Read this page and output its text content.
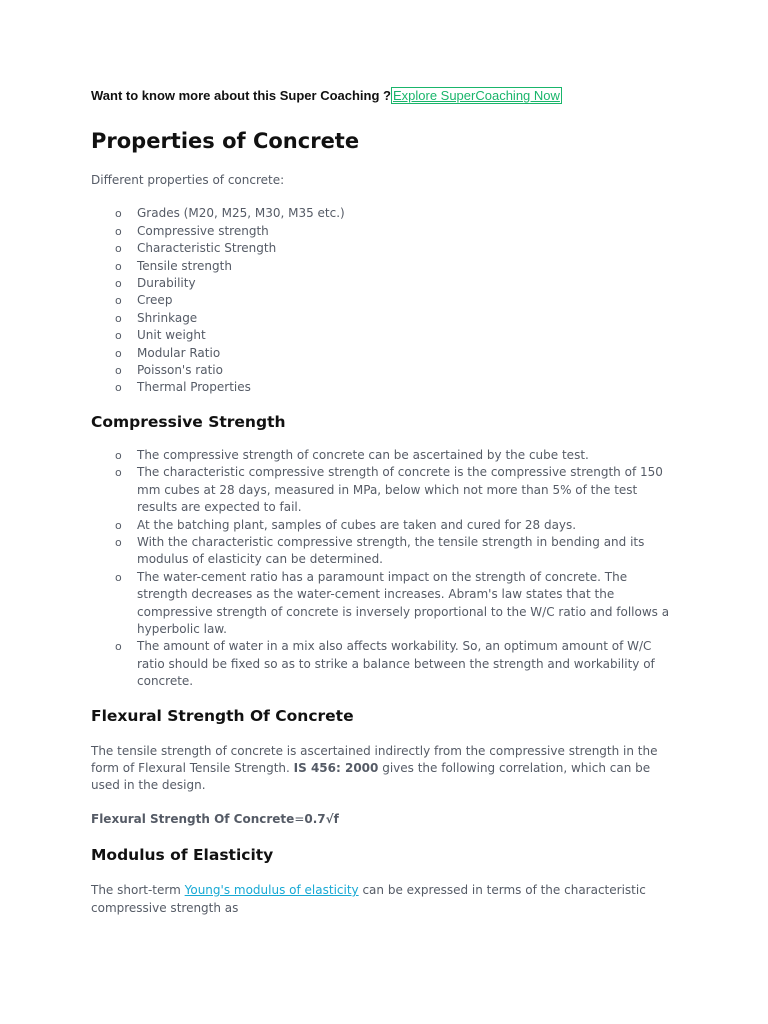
Want to know more about this Super Coaching ? Explore SuperCoaching Now

Properties of Concrete

Different properties of concrete:

o Grades (M20, M25, M30, M35 etc.)
o Compressive strength
o Characteristic Strength
o Tensile strength
o Durability
o Creep
o Shrinkage
o Unit weight
o Modular Ratio
o Poisson's ratio
o Thermal Properties
Compressive Strength
o The compressive strength of concrete can be ascertained by the cube test.
o The characteristic compressive strength of concrete is the compressive strength of 150 mm cubes at 28 days, measured in MPa, below which not more than 5% of the test results are expected to fail.
o At the batching plant, samples of cubes are taken and cured for 28 days.
o With the characteristic compressive strength, the tensile strength in bending and its modulus of elasticity can be determined.
o The water-cement ratio has a paramount impact on the strength of concrete. The strength decreases as the water-cement increases. Abram's law states that the compressive strength of concrete is inversely proportional to the W/C ratio and follows a hyperbolic law.
o The amount of water in a mix also affects workability. So, an optimum amount of W/C ratio should be fixed so as to strike a balance between the strength and workability of concrete.
Flexural Strength Of Concrete

The tensile strength of concrete is ascertained indirectly from the compressive strength in the form of Flexural Tensile Strength. IS 456: 2000 gives the following correlation, which can be used in the design.

Flexural Strength Of Concrete=0.7√f

Modulus of Elasticity

The short-term Young's modulus of elasticity can be expressed in terms of the characteristic compressive strength as
